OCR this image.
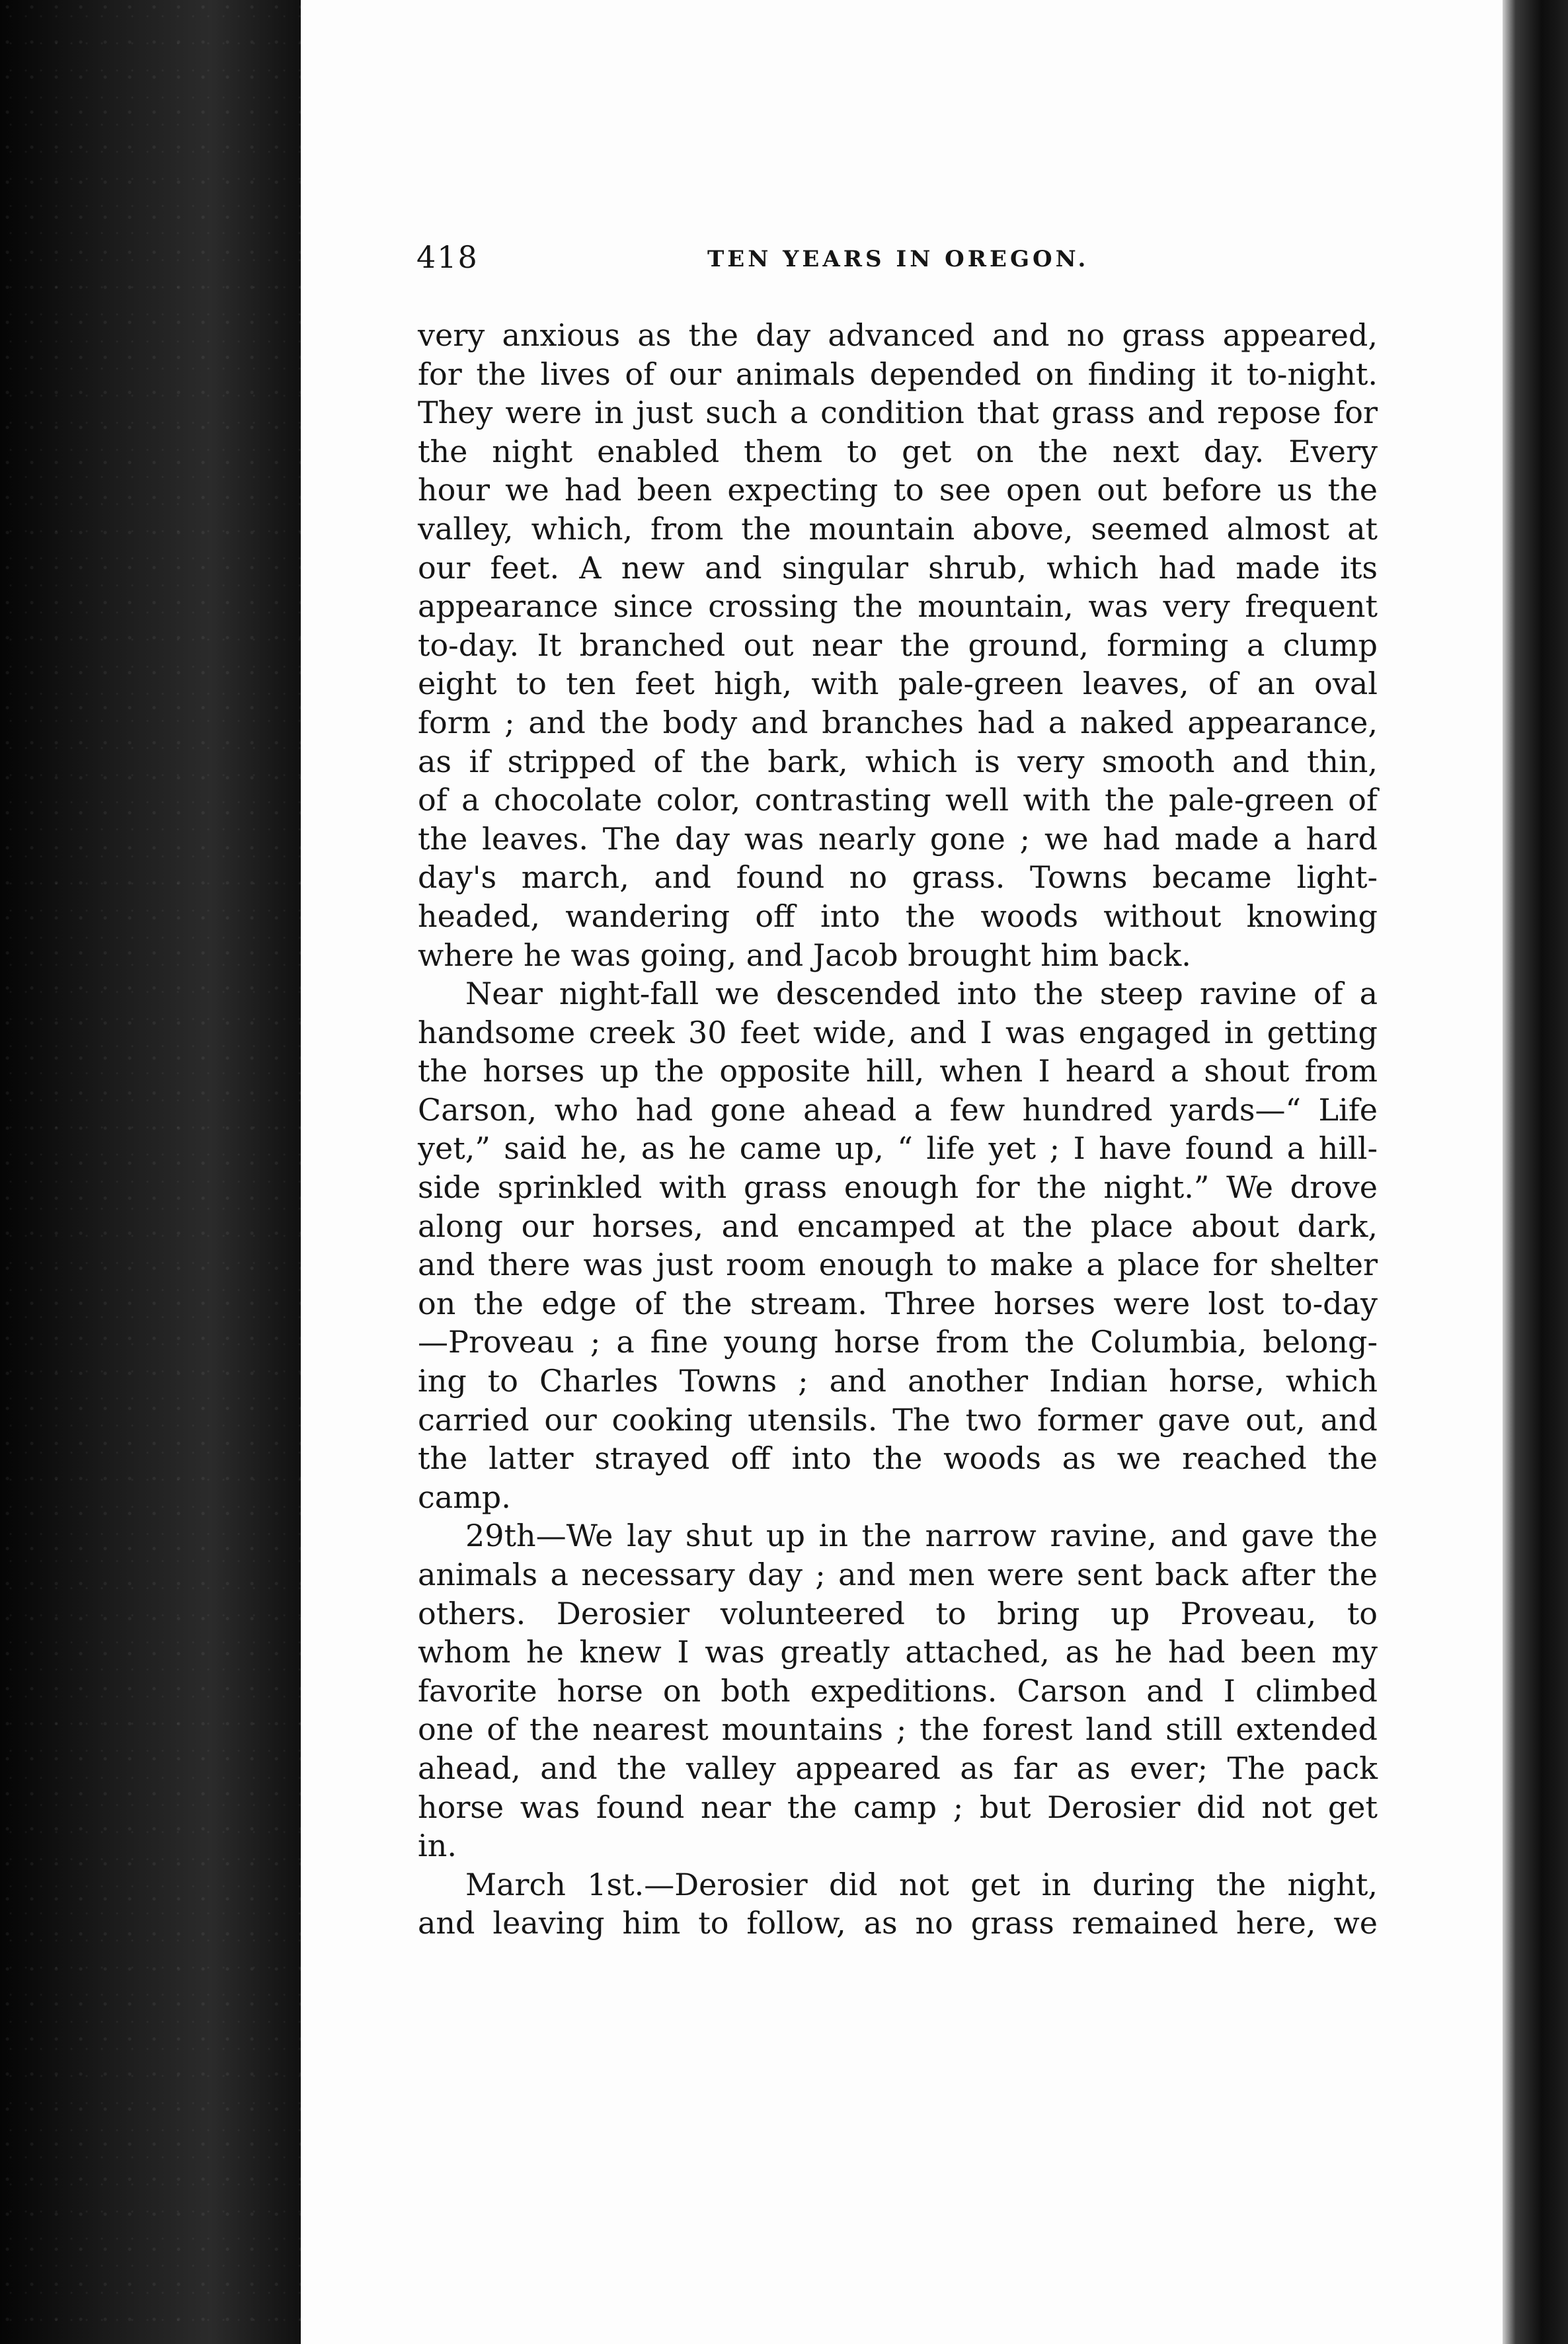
418	TEN YEARS IN OREGON.
very anxious as the day advanced and no grass appeared,
for the lives of our animals depended on finding it to-night.
They were in just such a condition that grass and repose for
the night enabled them to get on the next day. Every
hour we had been expecting to see open out before us the
valley, which, from the mountain above, seemed almost at
our feet. A new and singular shrub, which had made its
appearance since crossing the mountain, was very frequent
to-day. It branched out near the ground, forming a clump
eight to ten feet high, with pale-green leaves, of an oval
form ; and the body and branches had a naked appearance,
as if stripped of the bark, which is very smooth and thin,
of a chocolate color, contrasting well with the pale-green of
the leaves. The day was nearly gone ; we had made a hard
day's march, and found no grass. Towns became light-
headed, wandering off into the woods without knowing
where he was going, and Jacob brought him back.
Near night-fall we descended into the steep ravine of a
handsome creek 30 feet wide, and I was engaged in getting
the horses up the opposite hill, when I heard a shout from
Carson, who had gone ahead a few hundred yards—“ Life
yet,” said he, as he came up, “ life yet ; I have found a hill-
side sprinkled with grass enough for the night.” We drove
along our horses, and encamped at the place about dark,
and there was just room enough to make a place for shelter
on the edge of the stream. Three horses were lost to-day
—Proveau ; a fine young horse from the Columbia, belong-
ing to Charles Towns ; and another Indian horse, which
carried our cooking utensils. The two former gave out, and
the latter strayed off into the woods as we reached the
camp.
29th—We lay shut up in the narrow ravine, and gave the
animals a necessary day ; and men were sent back after the
others. Derosier volunteered to bring up Proveau, to
whom he knew I was greatly attached, as he had been my
favorite horse on both expeditions. Carson and I climbed
one of the nearest mountains ; the forest land still extended
ahead, and the valley appeared as far as ever; The pack
horse was found near the camp ; but Derosier did not get
in.
March 1st.—Derosier did not get in during the night,
and leaving him to follow, as no grass remained here, we
